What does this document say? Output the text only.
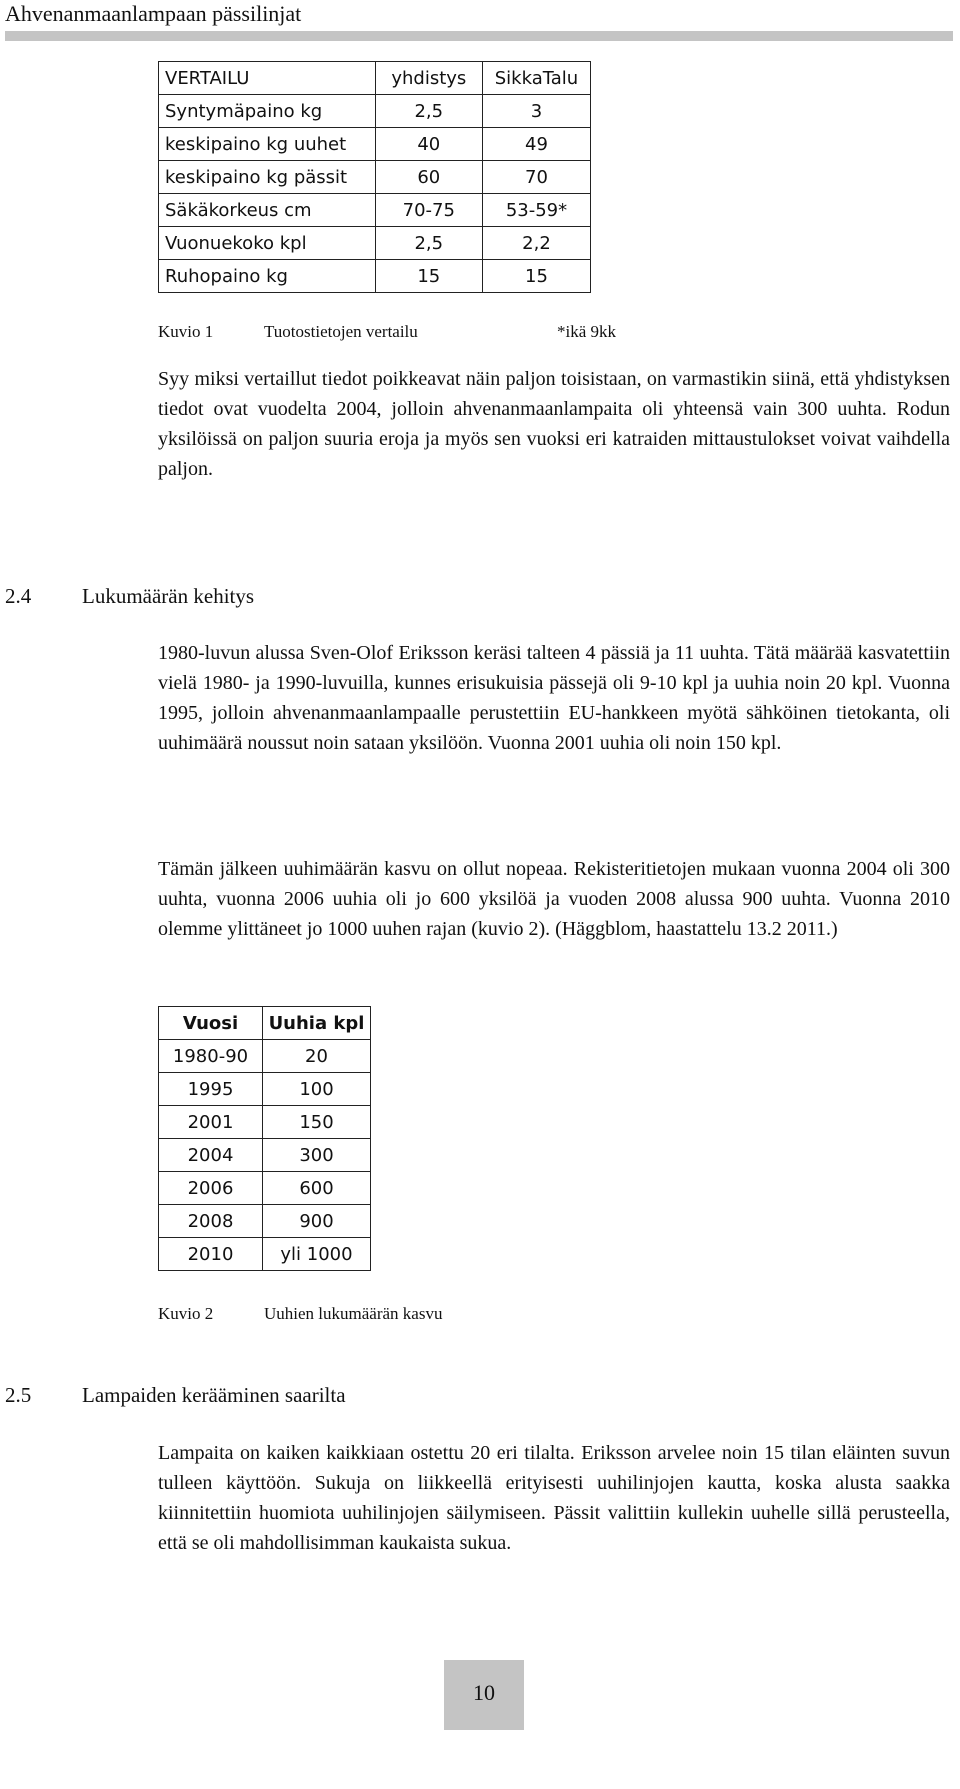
Ahvenanmaanlampaan pässilinjat
VERTAILU	yhdistys	SikkaTalu
Syntymäpaino kg	2,5	3
keskipaino kg uuhet	40	49
keskipaino kg pässit	60	70
Säkäkorkeus cm	70-75	53-59*
Vuonuekoko kpl	2,5	2,2
Ruhopaino kg	15	15
Kuvio 1	Tuotostietojen vertailu	*ikä 9kk

Syy miksi vertaillut tiedot poikkeavat näin paljon toisistaan, on varmastikin siinä, että yhdistyksen tiedot ovat vuodelta 2004, jolloin ahvenanmaanlampaita oli yhteensä vain 300 uuhta. Rodun yksilöissä on paljon suuria eroja ja myös sen vuoksi eri katraiden mittaustulokset voivat vaihdella paljon.

2.4 Lukumäärän kehitys

1980-luvun alussa Sven-Olof Eriksson keräsi talteen 4 pässiä ja 11 uuhta. Tätä määrää kasvatettiin vielä 1980- ja 1990-luvuilla, kunnes erisukuisia pässejä oli 9-10 kpl ja uuhia noin 20 kpl. Vuonna 1995, jolloin ahvenanmaanlampaalle perustettiin EU-hankkeen myötä sähköinen tietokanta, oli uuhimäärä noussut noin sataan yksilöön. Vuonna 2001 uuhia oli noin 150 kpl.

Tämän jälkeen uuhimäärän kasvu on ollut nopeaa. Rekisteritietojen mukaan vuonna 2004 oli 300 uuhta, vuonna 2006 uuhia oli jo 600 yksilöä ja vuoden 2008 alussa 900 uuhta. Vuonna 2010 olemme ylittäneet jo 1000 uuhen rajan (kuvio 2). (Häggblom, haastattelu 13.2 2011.)

Vuosi	Uuhia kpl
1980-90	20
1995	100
2001	150
2004	300
2006	600
2008	900
2010	yli 1000
Kuvio 2	Uuhien lukumäärän kasvu
2.5 Lampaiden kerääminen saarilta

Lampaita on kaiken kaikkiaan ostettu 20 eri tilalta. Eriksson arvelee noin 15 tilan eläinten suvun tulleen käyttöön. Sukuja on liikkeellä erityisesti uuhilinjojen kautta, koska alusta saakka kiinnitettiin huomiota uuhilinjojen säilymiseen. Pässit valittiin kullekin uuhelle sillä perusteella, että se oli mahdollisimman kaukaista sukua.

10
